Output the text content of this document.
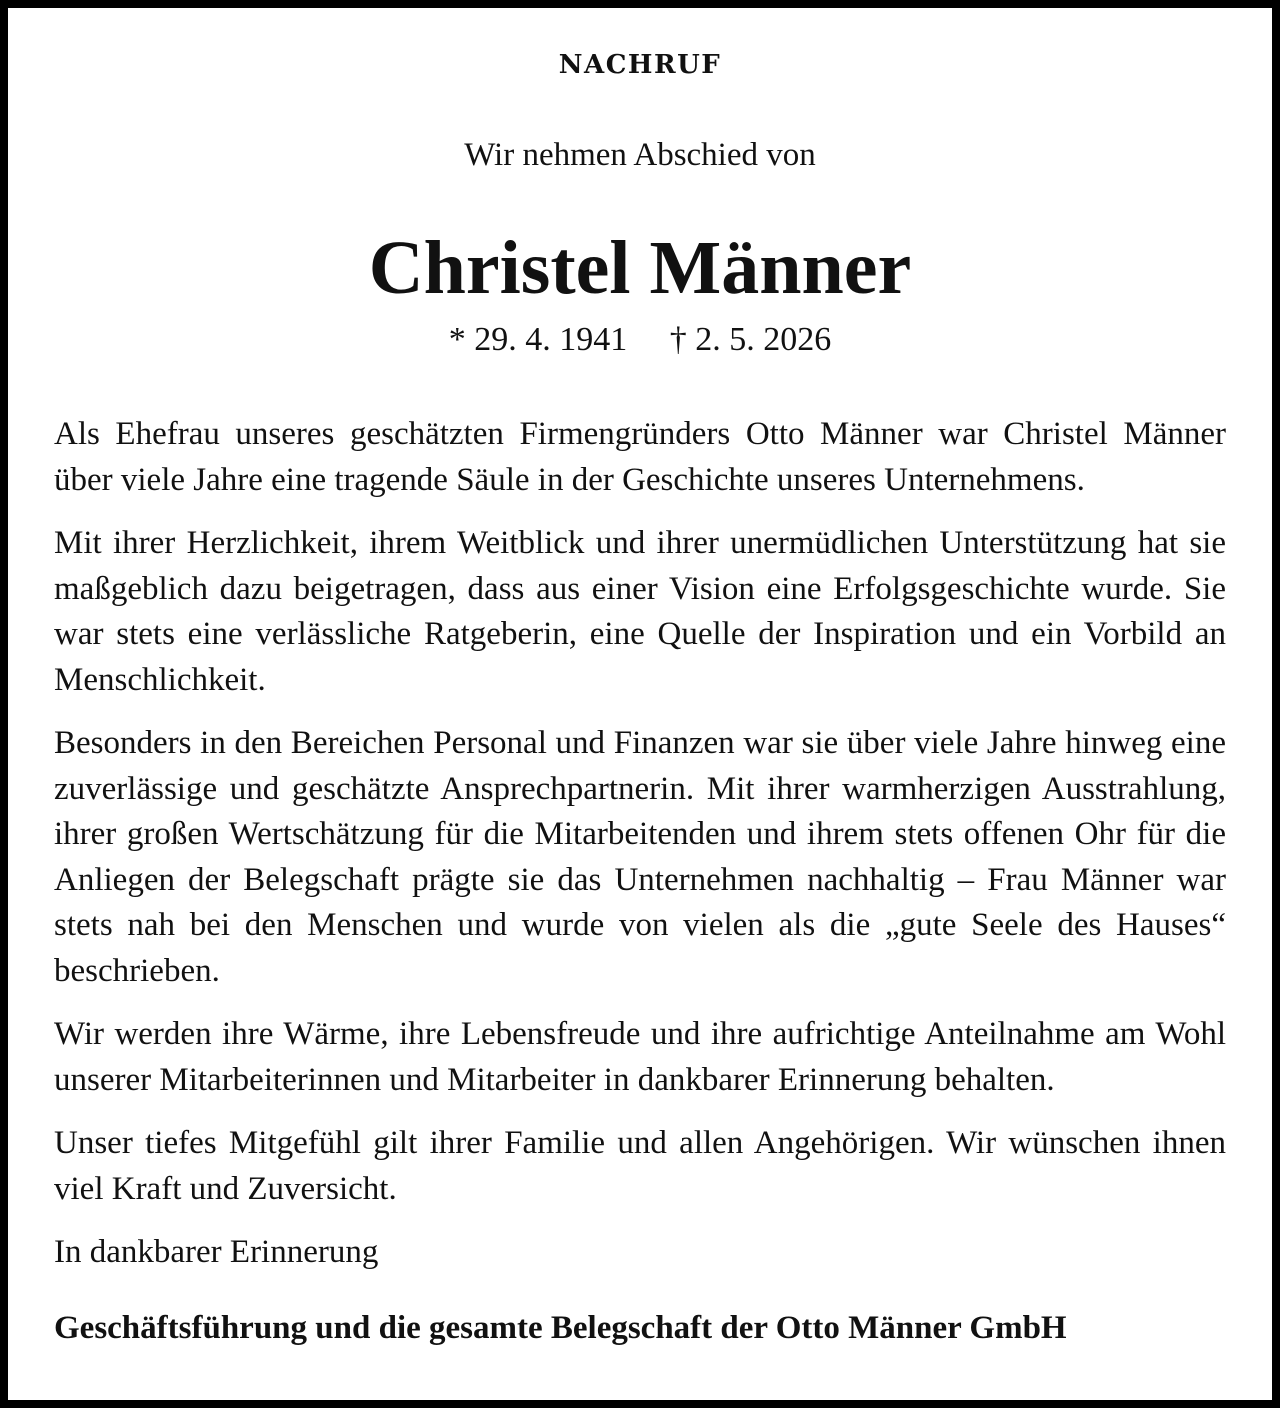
NACHRUF
Wir nehmen Abschied von
Christel Männer
* 29. 4. 1941 † 2. 5. 2026

Als Ehefrau unseres geschätzten Firmengründers Otto Männer war Christel Männer über viele Jahre eine tragende Säule in der Geschichte unseres Unternehmens.

Mit ihrer Herzlichkeit, ihrem Weitblick und ihrer unermüdlichen Unterstützung hat sie maßgeblich dazu beigetragen, dass aus einer Vision eine Erfolgsgeschichte wurde. Sie war stets eine verlässliche Ratgeberin, eine Quelle der Inspiration und ein Vorbild an Menschlichkeit.

Besonders in den Bereichen Personal und Finanzen war sie über viele Jahre hinweg eine zuverlässige und geschätzte Ansprechpartnerin. Mit ihrer warmherzigen Ausstrahlung, ihrer großen Wertschätzung für die Mitarbeitenden und ihrem stets offenen Ohr für die Anliegen der Belegschaft prägte sie das Unternehmen nachhaltig – Frau Männer war stets nah bei den Menschen und wurde von vielen als die „gute Seele des Hauses“ beschrieben.

Wir werden ihre Wärme, ihre Lebensfreude und ihre aufrichtige Anteilnahme am Wohl unserer Mitarbeiterinnen und Mitarbeiter in dankbarer Erinnerung behalten.

Unser tiefes Mitgefühl gilt ihrer Familie und allen Angehörigen. Wir wünschen ihnen viel Kraft und Zuversicht.

In dankbarer Erinnerung

Geschäftsführung und die gesamte Belegschaft der Otto Männer GmbH
